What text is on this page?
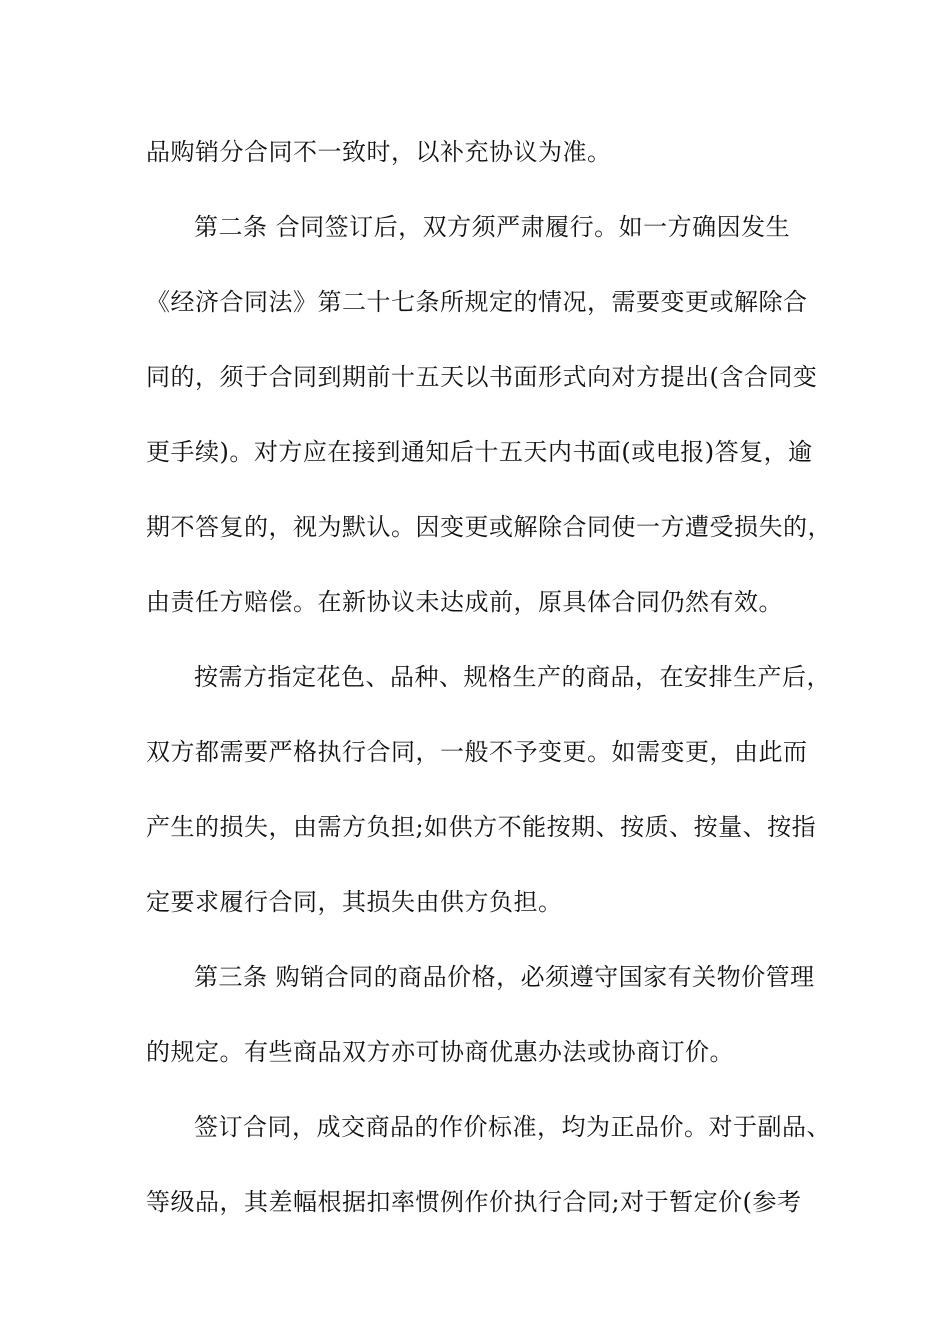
品购销分合同不一致时，以补充协议为准。
第二条 合同签订后，双方须严肃履行。如一方确因发生
《经济合同法》第二十七条所规定的情况，需要变更或解除合
同的，须于合同到期前十五天以书面形式向对方提出(含合同变
更手续)。对方应在接到通知后十五天内书面(或电报)答复，逾
期不答复的，视为默认。因变更或解除合同使一方遭受损失的，
由责任方赔偿。在新协议未达成前，原具体合同仍然有效。
按需方指定花色、品种、规格生产的商品，在安排生产后，
双方都需要严格执行合同，一般不予变更。如需变更，由此而
产生的损失，由需方负担;如供方不能按期、按质、按量、按指
定要求履行合同，其损失由供方负担。
第三条 购销合同的商品价格，必须遵守国家有关物价管理
的规定。有些商品双方亦可协商优惠办法或协商订价。
签订合同，成交商品的作价标准，均为正品价。对于副品、
等级品，其差幅根据扣率惯例作价执行合同;对于暂定价(参考
